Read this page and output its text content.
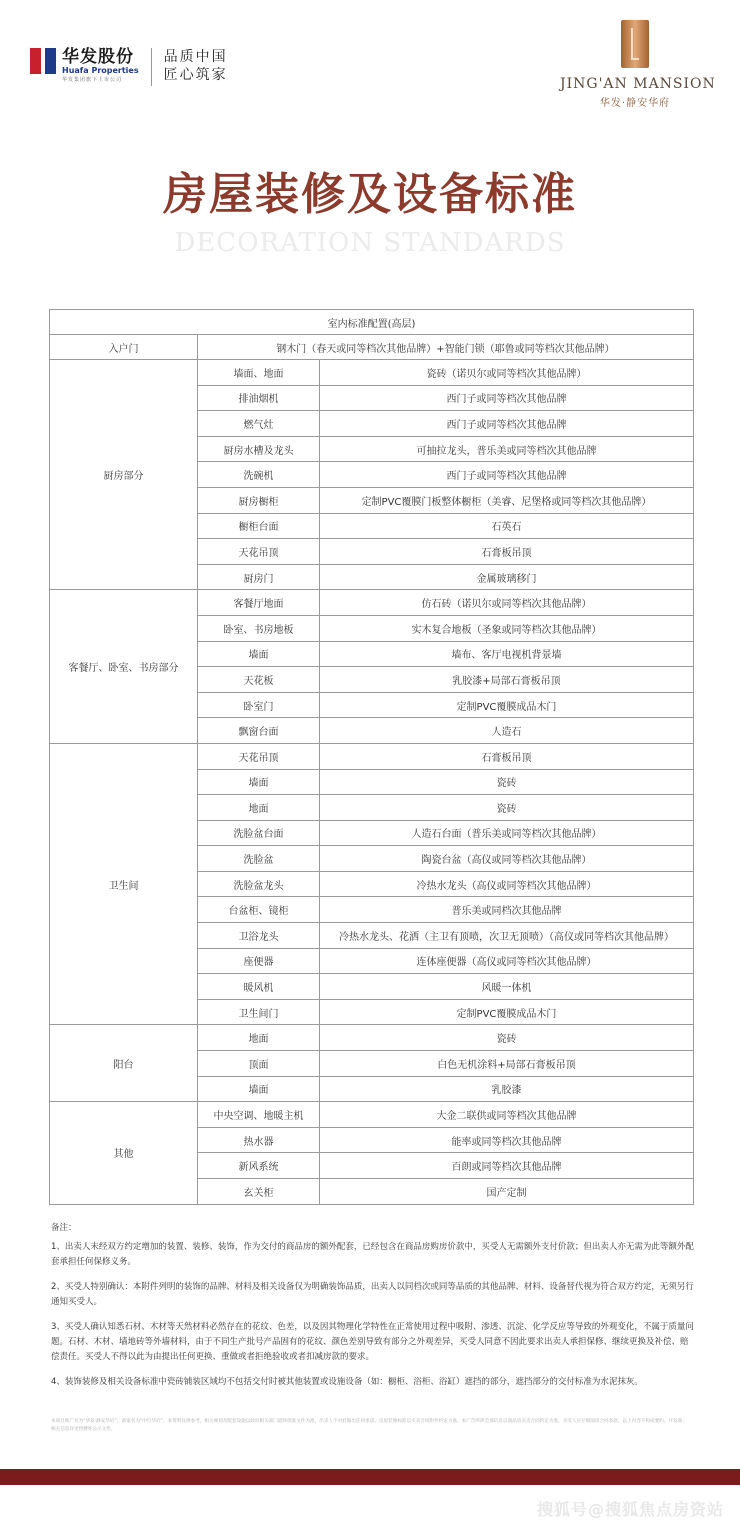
华发股份
Huafa Properties
华发集团旗下上市公司
品质中国
匠心筑家
JING'AN MANSION
华发·静安华府
房屋装修及设备标准
DECORATION STANDARDS
室内标准配置(高层)		
入户门	钢木门（春天或同等档次其他品牌）+智能门锁（耶鲁或同等档次其他品牌）	
厨房部分	墙面、地面	瓷砖（诺贝尔或同等档次其他品牌）
	排油烟机	西门子或同等档次其他品牌
	燃气灶	西门子或同等档次其他品牌
	厨房水槽及龙头	可抽拉龙头，普乐美或同等档次其他品牌
	洗碗机	西门子或同等档次其他品牌
	厨房橱柜	定制PVC覆膜门板整体橱柜（美睿、尼堡格或同等档次其他品牌）
	橱柜台面	石英石
	天花吊顶	石膏板吊顶
	厨房门	金属玻璃移门
客餐厅、卧室、书房部分	客餐厅地面	仿石砖（诺贝尔或同等档次其他品牌）
	卧室、书房地板	实木复合地板（圣象或同等档次其他品牌）
	墙面	墙布、客厅电视机背景墙
	天花板	乳胶漆+局部石膏板吊顶
	卧室门	定制PVC覆膜成品木门
	飘窗台面	人造石
卫生间	天花吊顶	石膏板吊顶
	墙面	瓷砖
	地面	瓷砖
	洗脸盆台面	人造石台面（普乐美或同等档次其他品牌）
	洗脸盆	陶瓷台盆（高仪或同等档次其他品牌）
	洗脸盆龙头	冷热水龙头（高仪或同等档次其他品牌）
	台盆柜、镜柜	普乐美或同档次其他品牌
	卫浴龙头	冷热水龙头、花洒（主卫有顶喷，次卫无顶喷）（高仪或同等档次其他品牌）
	座便器	连体座便器（高仪或同等档次其他品牌）
	暖风机	风暖一体机
	卫生间门	定制PVC覆膜成品木门
阳台	地面	瓷砖
	顶面	白色无机涂料+局部石膏板吊顶
	墙面	乳胶漆
其他	中央空调、地暖主机	大金二联供或同等档次其他品牌
	热水器	能率或同等档次其他品牌
	新风系统	百朗或同等档次其他品牌
	玄关柜	国产定制
备注：

1、出卖人未经双方约定增加的装置、装修、装饰，作为交付的商品房的额外配套，已经包含在商品房购房价款中，买受人无需额外支付价款；但出卖人亦无需为此等额外配套承担任何保修义务。

2、买受人特别确认：本附件列明的装饰的品牌、材料及相关设备仅为明确装饰品质，出卖人以同档次或同等品质的其他品牌、材料、设备替代视为符合双方约定，无须另行通知买受人。

3、买受人确认知悉石材、木材等天然材料必然存在的花纹、色差，以及因其物理化学特性在正常使用过程中吸附、渗透、沉淀、化学反应等导致的外观变化，不属于质量问题。石材、木材、墙地砖等外墙材料，由于不同生产批号产品固有的花纹、颜色差别导致有部分之外观差异，买受人同意不因此要求出卖人承担保修、继续更换及补偿、赔偿责任。买受人不得以此为由提出任何更换、重做或者拒绝验收或者扣减房款的要求。

4、装饰装修及相关设备标准中瓷砖铺装区域均不包括交付时被其他装置或设施设备（如：橱柜、浴柜、浴缸）遮挡的部分，遮挡部分的交付标准为水泥抹灰。

本项目推广名为“华发·静安华府”，备案名为“中行华府”。本资料仅供参考，相关规划及配套设施以政府相关部门最终批准文件为准，出卖人不对此做出任何承诺。房屋装修标准以买卖合同附件约定为准。本广告所涉全部信息以商品房买卖合同约定为准，买受人应仔细阅读合同条款，以上内容不构成要约。开发商：相关信息详见售楼处公示文件。
搜狐号@搜狐焦点房资站
